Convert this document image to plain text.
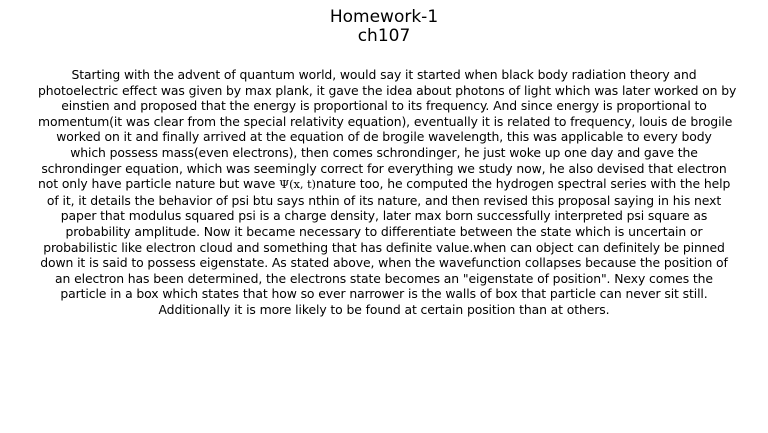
Homework-1
ch107
Starting with the advent of quantum world, would say it started when black body radiation theory and
photoelectric effect was given by max plank, it gave the idea about photons of light which was later worked on by
einstien and proposed that the energy is proportional to its frequency. And since energy is proportional to
momentum(it was clear from the special relativity equation), eventually it is related to frequency, louis de brogile
worked on it and finally arrived at the equation of de brogile wavelength, this was applicable to every body
which possess mass(even electrons), then comes schrondinger, he just woke up one day and gave the
schrondinger equation, which was seemingly correct for everything we study now, he also devised that electron
not only have particle nature but wave Ψ(x, t)nature too, he computed the hydrogen spectral series with the help
of it, it details the behavior of psi btu says nthin of its nature, and then revised this proposal saying in his next
paper that modulus squared psi is a charge density, later max born successfully interpreted psi square as
probability amplitude. Now it became necessary to differentiate between the state which is uncertain or
probabilistic like electron cloud and something that has definite value.when can object can definitely be pinned
down it is said to possess eigenstate. As stated above, when the wavefunction collapses because the position of
an electron has been determined, the electrons state becomes an "eigenstate of position". Nexy comes the
particle in a box which states that how so ever narrower is the walls of box that particle can never sit still.
Additionally it is more likely to be found at certain position than at others.
